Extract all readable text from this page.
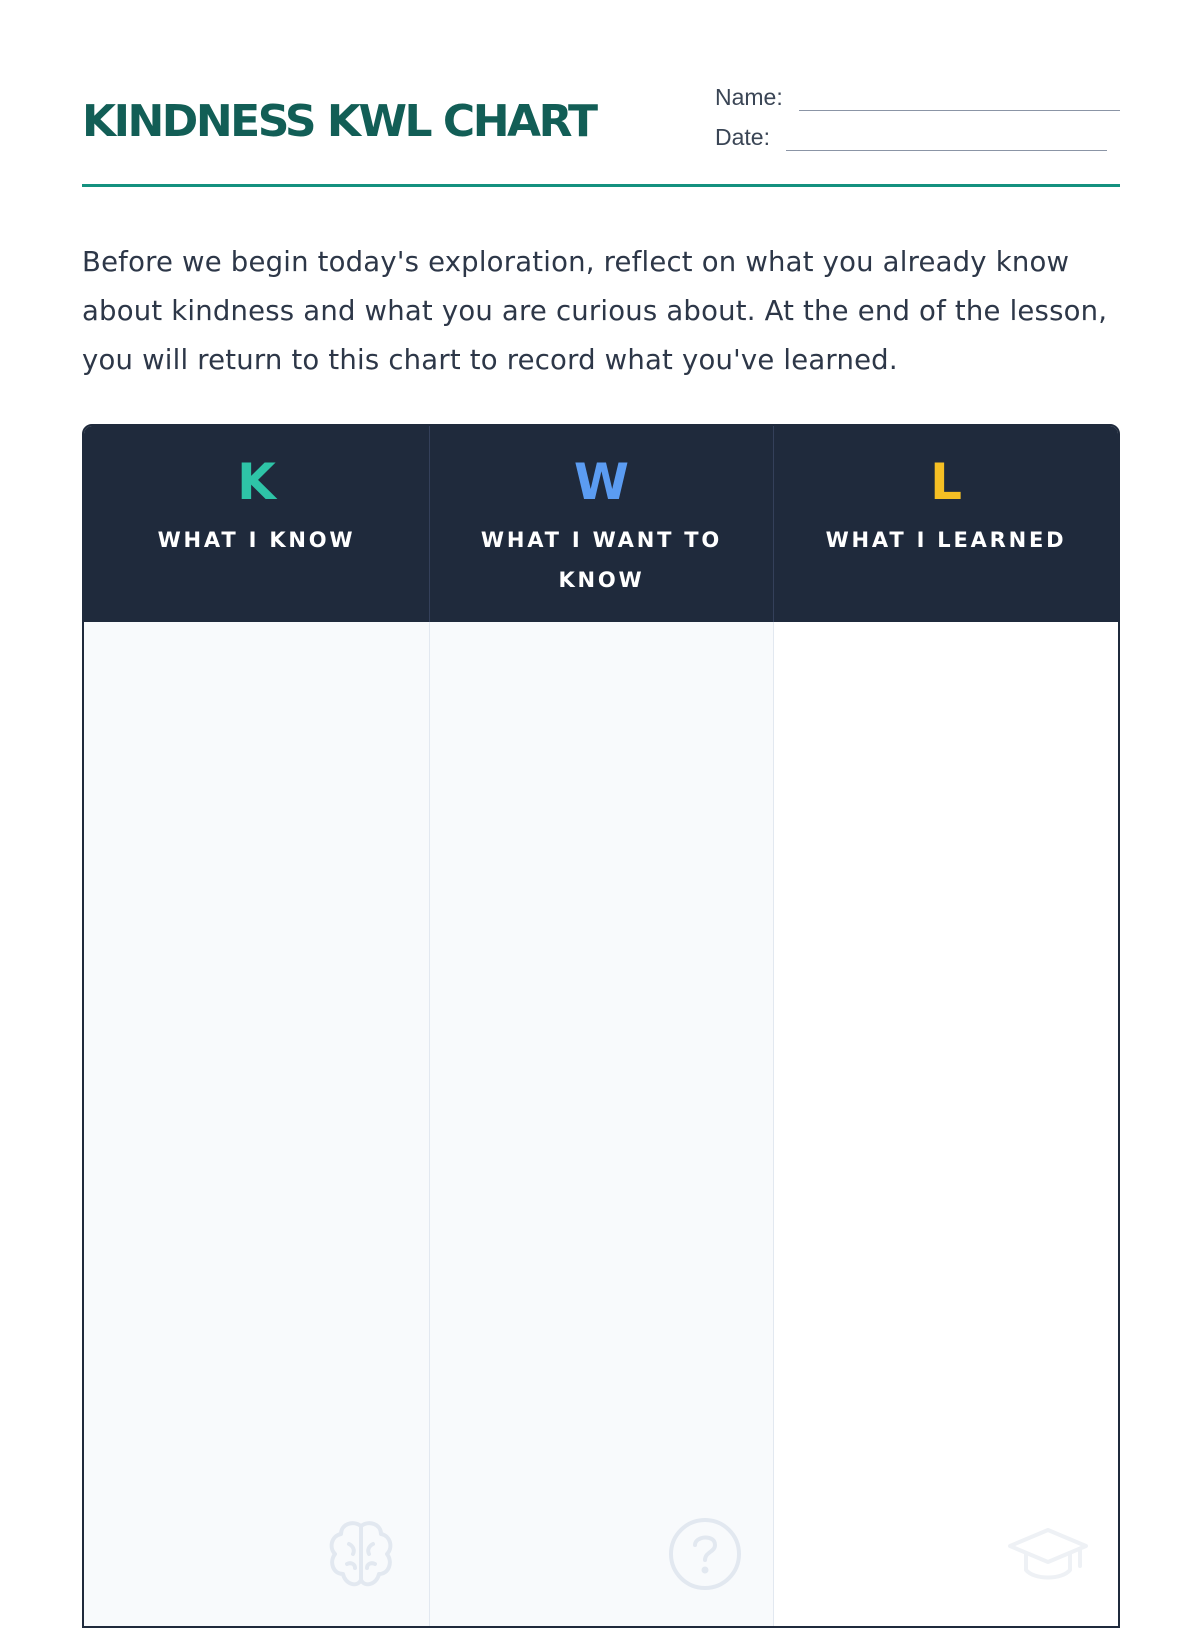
KINDNESS KWL CHART	Name:
Date:

Before we begin today's exploration, reflect on what you already know about kindness and what you are curious about. At the end of the lesson, you will return to this chart to record what you've learned.

K
WHAT I KNOW
W
WHAT I WANT TO KNOW
L
WHAT I LEARNED
